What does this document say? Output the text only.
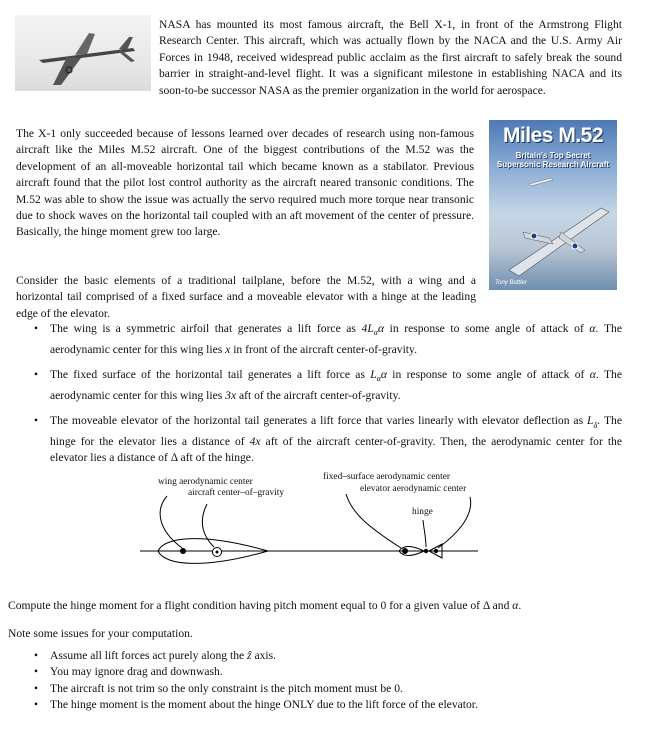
NASA has mounted its most famous aircraft, the Bell X-1, in front of the Armstrong Flight Research Center. This aircraft, which was actually flown by the NACA and the U.S. Army Air Forces in 1948, received widespread public acclaim as the first aircraft to safely break the sound barrier in straight-and-level flight. It was a significant milestone in establishing NACA and its soon-to-be successor NASA as the premier organization in the world for aerospace.

The X-1 only succeeded because of lessons learned over decades of research using non-famous aircraft like the Miles M.52 aircraft. One of the biggest contributions of the M.52 was the development of an all-moveable horizontal tail which became known as a stabilator. Previous aircraft found that the pilot lost control authority as the aircraft neared transonic conditions. The M.52 was able to show the issue was actually the servo required much more torque near transonic due to shock waves on the horizontal tail coupled with an aft movement of the center of pressure. Basically, the hinge moment grew too large.

Miles M.52
Britain's Top Secret
Supersonic Research Aircraft
Tony Buttler

Consider the basic elements of a traditional tailplane, before the M.52, with a wing and a horizontal tail comprised of a fixed surface and a moveable elevator with a hinge at the leading edge of the elevator.

• The wing is a symmetric airfoil that generates a lift force as $4L_\alpha\alpha$ in response to some angle of attack of α. The aerodynamic center for this wing lies x in front of the aircraft center-of-gravity.
• The fixed surface of the horizontal tail generates a lift force as $L_\alpha\alpha$ in response to some angle of attack of α. The aerodynamic center for this wing lies 3x aft of the aircraft center-of-gravity.
• The moveable elevator of the horizontal tail generates a lift force that varies linearly with elevator deflection as $L_\delta$. The hinge for the elevator lies a distance of 4x aft of the aircraft center-of-gravity. Then, the aerodynamic center for the elevator lies a distance of Δ aft of the hinge.
wing aerodynamic center
aircraft center–of–gravity
fixed–surface aerodynamic center
elevator aerodynamic center
hinge

Compute the hinge moment for a flight condition having pitch moment equal to 0 for a given value of Δ and α.

Note some issues for your computation.

• Assume all lift forces act purely along the ẑ axis.
• You may ignore drag and downwash.
• The aircraft is not trim so the only constraint is the pitch moment must be 0.
• The hinge moment is the moment about the hinge ONLY due to the lift force of the elevator.
